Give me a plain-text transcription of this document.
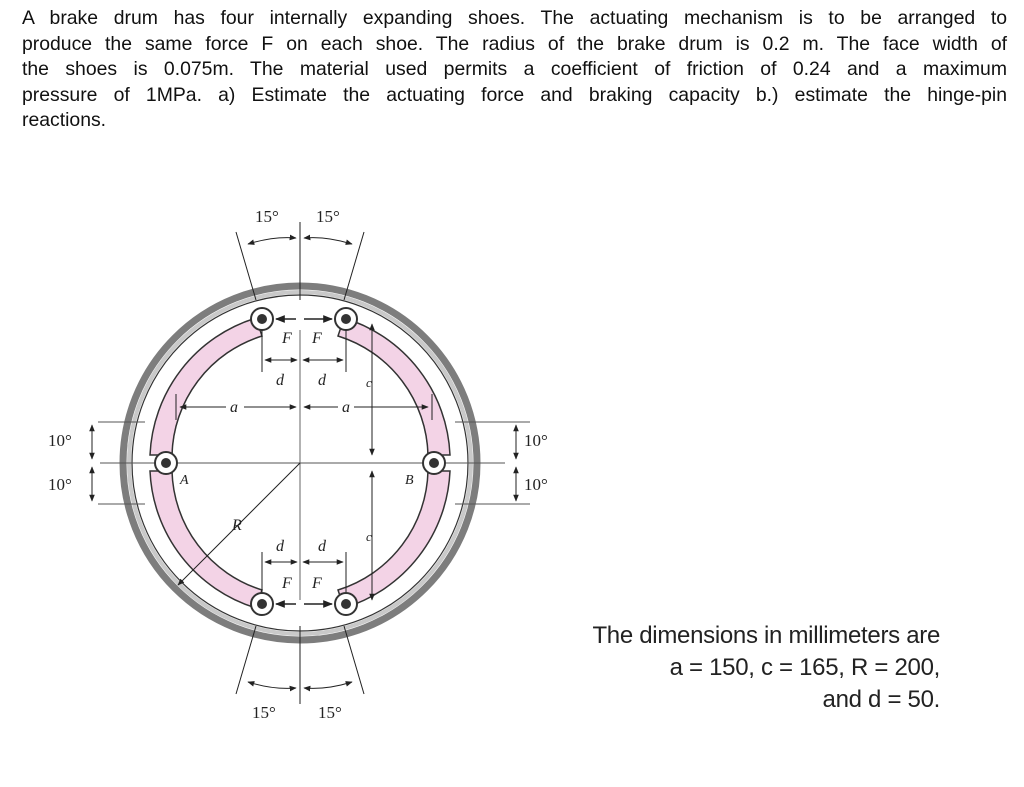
A brake drum has four internally expanding shoes. The actuating mechanism is to be arranged to
produce the same force F on each shoe. The radius of the brake drum is 0.2 m. The face width of
the shoes is 0.075m. The material used permits a coefficient of friction of 0.24 and a maximum
pressure of 1MPa. a) Estimate the actuating force and braking capacity b.) estimate the hinge-pin
reactions.
15° 15°
15° 15°
10°
10°
10°
10°
F F
F F
d d
d d
a	a
c
c
R
A	B
The dimensions in millimeters are
a = 150, c = 165, R = 200,
and d = 50.
